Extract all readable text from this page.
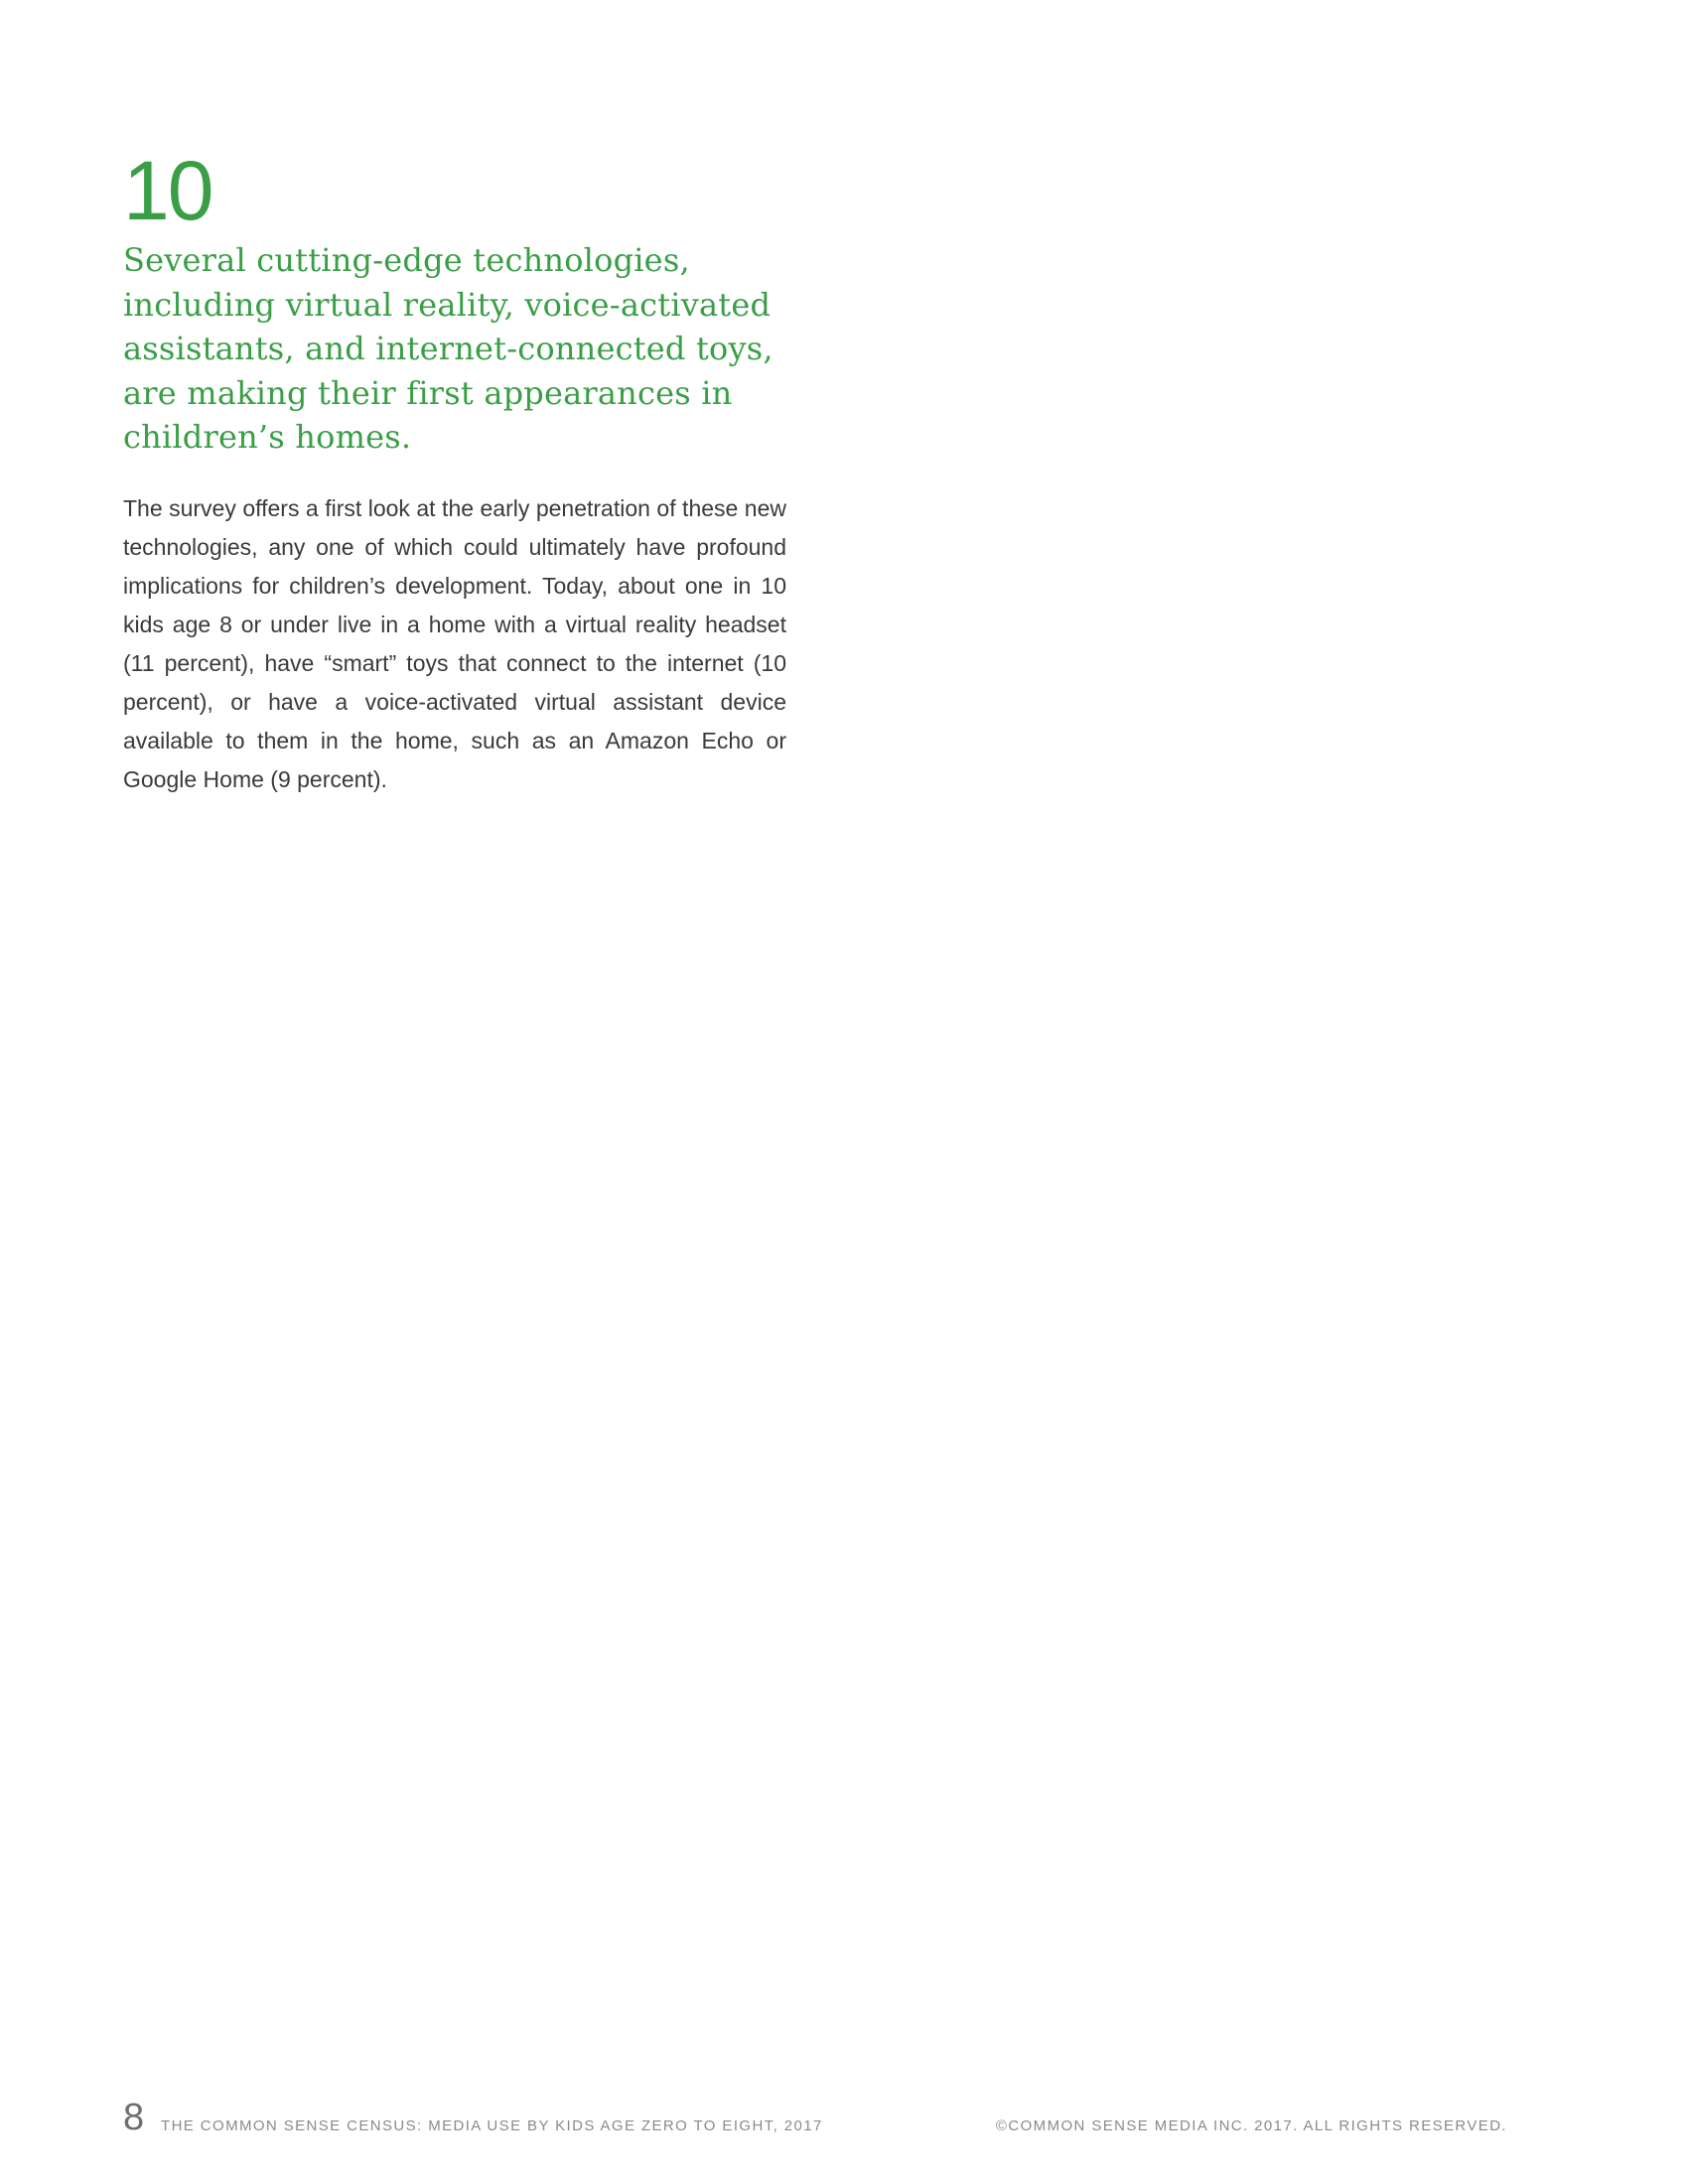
10
Several cutting-edge technologies, including virtual reality, voice-activated assistants, and internet-connected toys, are making their first appearances in children’s homes.

The survey offers a first look at the early penetration of these new technologies, any one of which could ultimately have profound implications for children’s development. Today, about one in 10 kids age 8 or under live in a home with a virtual reality headset (11 percent), have “smart” toys that connect to the internet (10 percent), or have a voice-activated virtual assistant device available to them in the home, such as an Amazon Echo or Google Home (9 percent).

8 THE COMMON SENSE CENSUS: MEDIA USE BY KIDS AGE ZERO TO EIGHT, 2017	©COMMON SENSE MEDIA INC. 2017. ALL RIGHTS RESERVED.
